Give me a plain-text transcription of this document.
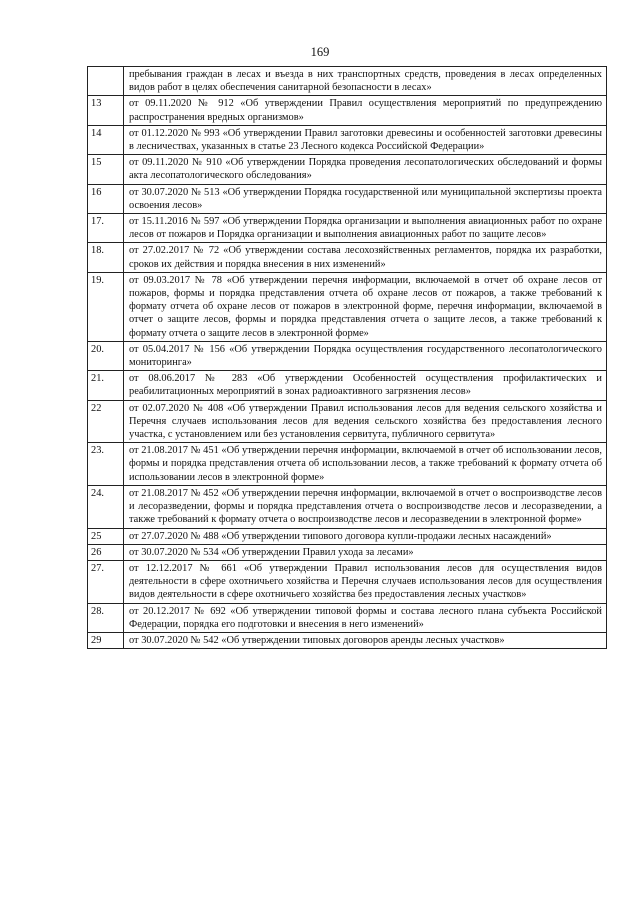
169
	пребывания граждан в лесах и въезда в них транспортных средств, проведения в лесах определенных видов работ в целях обеспечения санитарной безопасности в лесах»
13	от 09.11.2020 № 912 «Об утверждении Правил осуществления мероприятий по предупреждению распространения вредных организмов»
14	от 01.12.2020 № 993 «Об утверждении Правил заготовки древесины и особенностей заготовки древесины в лесничествах, указанных в статье 23 Лесного кодекса Российской Федерации»
15	от 09.11.2020 № 910 «Об утверждении Порядка проведения лесопатологических обследований и формы акта лесопатологического обследования»
16	от 30.07.2020 № 513 «Об утверждении Порядка государственной или муниципальной экспертизы проекта освоения лесов»
17.	от 15.11.2016 № 597 «Об утверждении Порядка организации и выполнения авиационных работ по охране лесов от пожаров и Порядка организации и выполнения авиационных работ по защите лесов»
18.	от 27.02.2017 № 72 «Об утверждении состава лесохозяйственных регламентов, порядка их разработки, сроков их действия и порядка внесения в них изменений»
19.	от 09.03.2017 № 78 «Об утверждении перечня информации, включаемой в отчет об охране лесов от пожаров, формы и порядка представления отчета об охране лесов от пожаров, а также требований к формату отчета об охране лесов от пожаров в электронной форме, перечня информации, включаемой в отчет о защите лесов, формы и порядка представления отчета о защите лесов, а также требований к формату отчета о защите лесов в электронной форме»
20.	от 05.04.2017 № 156 «Об утверждении Порядка осуществления государственного лесопатологического мониторинга»
21.	от 08.06.2017 № 283 «Об утверждении Особенностей осуществления профилактических и реабилитационных мероприятий в зонах радиоактивного загрязнения лесов»
22	от 02.07.2020 № 408 «Об утверждении Правил использования лесов для ведения сельского хозяйства и Перечня случаев использования лесов для ведения сельского хозяйства без предоставления лесного участка, с установлением или без установления сервитута, публичного сервитута»
23.	от 21.08.2017 № 451 «Об утверждении перечня информации, включаемой в отчет об использовании лесов, формы и порядка представления отчета об использовании лесов, а также требований к формату отчета об использовании лесов в электронной форме»
24.	от 21.08.2017 № 452 «Об утверждении перечня информации, включаемой в отчет о воспроизводстве лесов и лесоразведении, формы и порядка представления отчета о воспроизводстве лесов и лесоразведении, а также требований к формату отчета о воспроизводстве лесов и лесоразведении в электронной форме»
25	от 27.07.2020 № 488 «Об утверждении типового договора купли-продажи лесных насаждений»
26	от 30.07.2020 № 534 «Об утверждении Правил ухода за лесами»
27.	от 12.12.2017 № 661 «Об утверждении Правил использования лесов для осуществления видов деятельности в сфере охотничьего хозяйства и Перечня случаев использования лесов для осуществления видов деятельности в сфере охотничьего хозяйства без предоставления лесных участков»
28.	от 20.12.2017 № 692 «Об утверждении типовой формы и состава лесного плана субъекта Российской Федерации, порядка его подготовки и внесения в него изменений»
29	от 30.07.2020 № 542 «Об утверждении типовых договоров аренды лесных участков»
